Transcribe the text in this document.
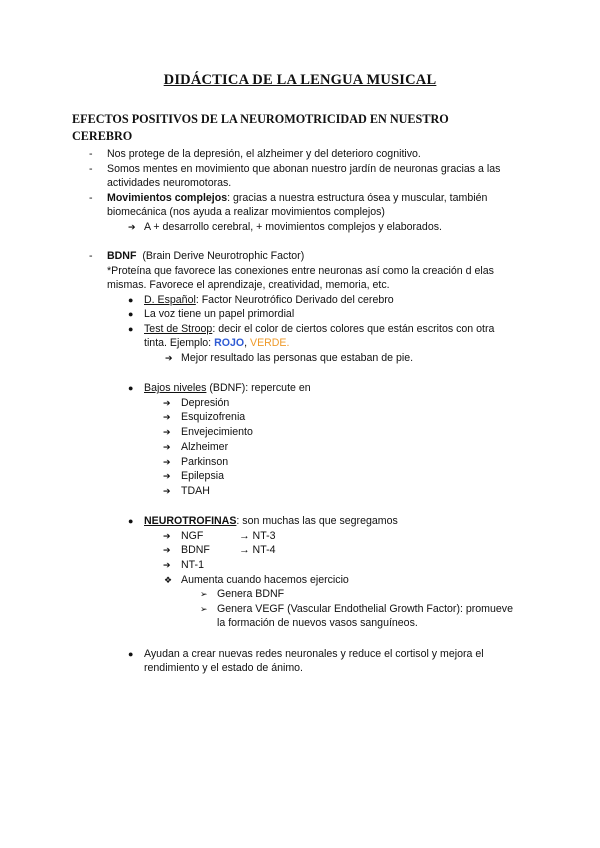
DIDÁCTICA DE LA LENGUA MUSICAL
EFECTOS POSITIVOS DE LA NEUROMOTRICIDAD EN NUESTRO
CEREBRO
-	Nos protege de la depresión, el alzheimer y del deterioro cognitivo.
-	Somos mentes en movimiento que abonan nuestro jardín de neuronas gracias a las
actividades neuromotoras.
-	Movimientos complejos: gracias a nuestra estructura ósea y muscular, también
biomecánica (nos ayuda a realizar movimientos complejos)
➔ A + desarrollo cerebral, + movimientos complejos y elaborados.
-	BDNF (Brain Derive Neurotrophic Factor)
*Proteína que favorece las conexiones entre neuronas así como la creación d elas
mismas. Favorece el aprendizaje, creatividad, memoria, etc.
● D. Español: Factor Neurotrófico Derivado del cerebro
● La voz tiene un papel primordial
● Test de Stroop: decir el color de ciertos colores que están escritos con otra
tinta. Ejemplo: ROJO, VERDE.
➔ Mejor resultado las personas que estaban de pie.
● Bajos niveles (BDNF): repercute en
➔ Depresión
➔ Esquizofrenia
➔ Envejecimiento
➔ Alzheimer
➔ Parkinson
➔ Epilepsia
➔ TDAH
● NEUROTROFINAS: son muchas las que segregamos
➔ NGF	→ NT-3
➔ BDNF	→ NT-4
➔ NT-1
❖ Aumenta cuando hacemos ejercicio
➢ Genera BDNF
➢ Genera VEGF (Vascular Endothelial Growth Factor): promueve
la formación de nuevos vasos sanguíneos.
● Ayudan a crear nuevas redes neuronales y reduce el cortisol y mejora el
rendimiento y el estado de ánimo.
